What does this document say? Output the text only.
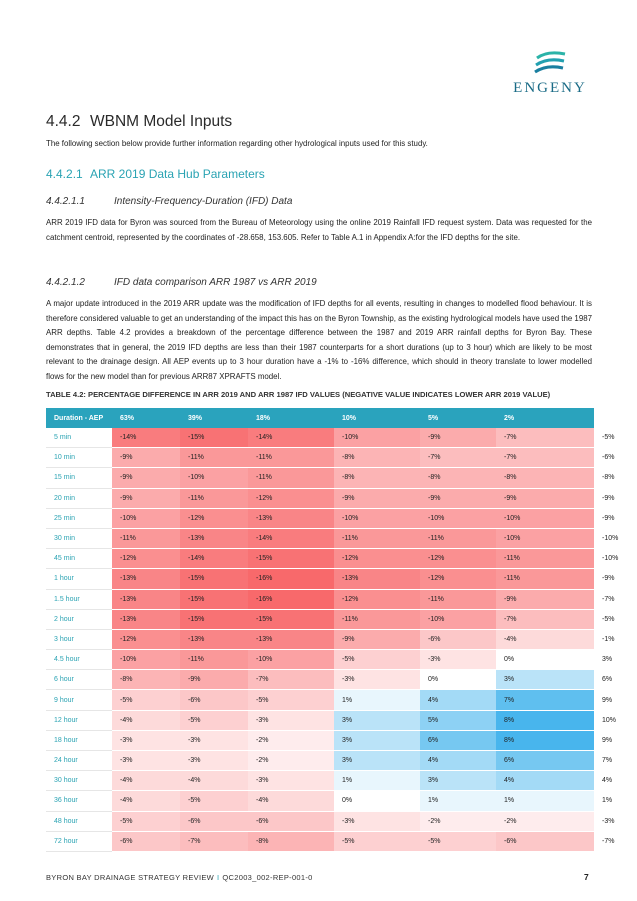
ENGENY
4.4.2 WBNM Model Inputs
The following section below provide further information regarding other hydrological inputs used for this study.
4.4.2.1 ARR 2019 Data Hub Parameters
4.4.2.1.1	Intensity-Frequency-Duration (IFD) Data
ARR 2019 IFD data for Byron was sourced from the Bureau of Meteorology using the online 2019 Rainfall IFD request system. Data was requested for the catchment centroid, represented by the coordinates of -28.658, 153.605. Refer to Table A.1 in Appendix A:for the IFD depths for the site.
4.4.2.1.2	IFD data comparison ARR 1987 vs ARR 2019
A major update introduced in the 2019 ARR update was the modification of IFD depths for all events, resulting in changes to modelled flood behaviour. It is therefore considered valuable to get an understanding of the impact this has on the Byron Township, as the existing hydrological models have used the 1987 ARR depths. Table 4.2 provides a breakdown of the percentage difference between the 1987 and 2019 ARR rainfall depths for Byron Bay. These demonstrates that in general, the 2019 IFD depths are less than their 1987 counterparts for a short durations (up to 3 hour) which are likely to be most relevant to the drainage design. All AEP events up to 3 hour duration have a -1% to -16% difference, which should in theory translate to lower modelled flows for the new model than for previous ARR87 XPRAFTS model.
TABLE 4.2: PERCENTAGE DIFFERENCE IN ARR 2019 AND ARR 1987 IFD VALUES (NEGATIVE VALUE INDICATES LOWER ARR 2019 VALUE)
Duration - AEP	63%	39%	18%	10%	5%	2%	1%
5 min	-14%	-15%	-14%	-10%	-9%	-7%	-5%
10 min	-9%	-11%	-11%	-8%	-7%	-7%	-6%
15 min	-9%	-10%	-11%	-8%	-8%	-8%	-8%
20 min	-9%	-11%	-12%	-9%	-9%	-9%	-9%
25 min	-10%	-12%	-13%	-10%	-10%	-10%	-9%
30 min	-11%	-13%	-14%	-11%	-11%	-10%	-10%
45 min	-12%	-14%	-15%	-12%	-12%	-11%	-10%
1 hour	-13%	-15%	-16%	-13%	-12%	-11%	-9%
1.5 hour	-13%	-15%	-16%	-12%	-11%	-9%	-7%
2 hour	-13%	-15%	-15%	-11%	-10%	-7%	-5%
3 hour	-12%	-13%	-13%	-9%	-6%	-4%	-1%
4.5 hour	-10%	-11%	-10%	-5%	-3%	0%	3%
6 hour	-8%	-9%	-7%	-3%	0%	3%	6%
9 hour	-5%	-6%	-5%	1%	4%	7%	9%
12 hour	-4%	-5%	-3%	3%	5%	8%	10%
18 hour	-3%	-3%	-2%	3%	6%	8%	9%
24 hour	-3%	-3%	-2%	3%	4%	6%	7%
30 hour	-4%	-4%	-3%	1%	3%	4%	4%
36 hour	-4%	-5%	-4%	0%	1%	1%	1%
48 hour	-5%	-6%	-6%	-3%	-2%	-2%	-3%
72 hour	-6%	-7%	-8%	-5%	-5%	-6%	-7%
BYRON BAY DRAINAGE STRATEGY REVIEW I QC2003_002-REP-001-0	7
